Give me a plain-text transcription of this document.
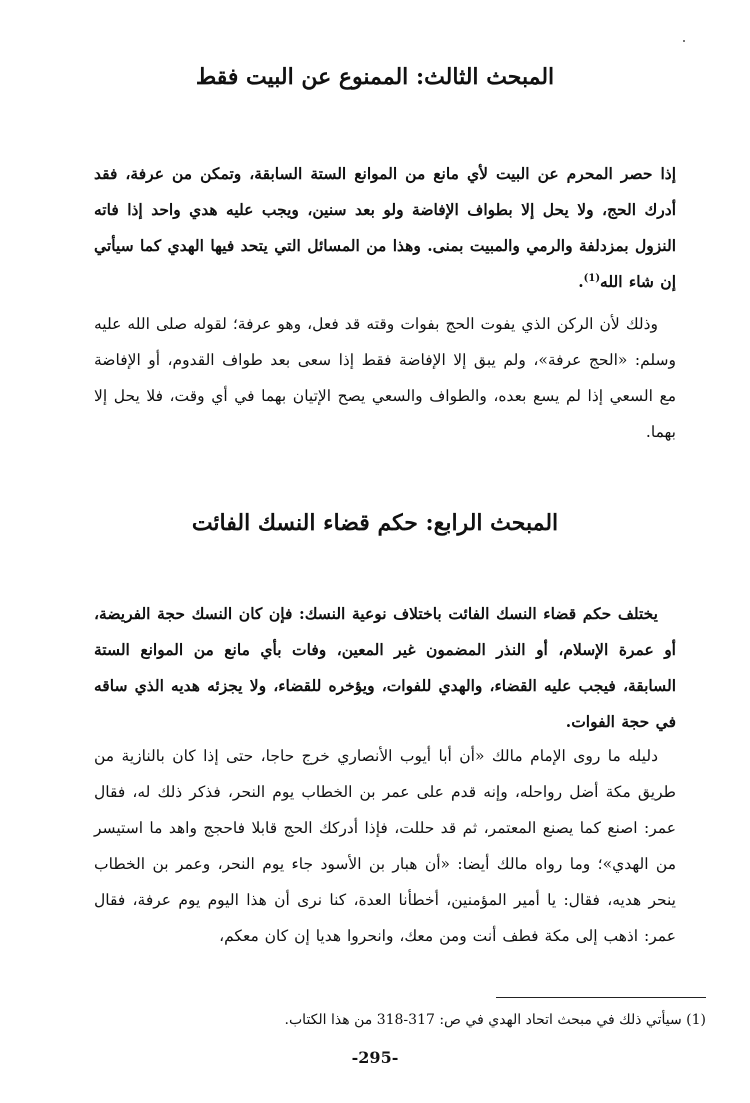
المبحث الثالث: الممنوع عن البيت فقط

إذا حصر المحرم عن البيت لأي مانع من الموانع الستة السابقة، وتمكن من عرفة، فقد أدرك الحج، ولا يحل إلا بطواف الإفاضة ولو بعد سنين، ويجب عليه هدي واحد إذا فاته النزول بمزدلفة والرمي والمبيت بمنى. وهذا من المسائل التي يتحد فيها الهدي كما سيأتي إن شاء الله$^{(1)}$.

وذلك لأن الركن الذي يفوت الحج بفوات وقته قد فعل، وهو عرفة؛ لقوله صلى الله عليه وسلم: «الحج عرفة»، ولم يبق إلا الإفاضة فقط إذا سعى بعد طواف القدوم، أو الإفاضة مع السعي إذا لم يسع بعده، والطواف والسعي يصح الإتيان بهما في أي وقت، فلا يحل إلا بهما.

المبحث الرابع: حكم قضاء النسك الفائت

يختلف حكم قضاء النسك الفائت باختلاف نوعية النسك: فإن كان النسك حجة الفريضة، أو عمرة الإسلام، أو النذر المضمون غير المعين، وفات بأي مانع من الموانع الستة السابقة، فيجب عليه القضاء، والهدي للفوات، ويؤخره للقضاء، ولا يجزئه هديه الذي ساقه في حجة الفوات.

دليله ما روى الإمام مالك «أن أبا أيوب الأنصاري خرج حاجا، حتى إذا كان بالنازية من طريق مكة أضل رواحله، وإنه قدم على عمر بن الخطاب يوم النحر، فذكر ذلك له، فقال عمر: اصنع كما يصنع المعتمر، ثم قد حللت، فإذا أدركك الحج قابلا فاحجج واهد ما استيسر من الهدي»؛ وما رواه مالك أيضا: «أن هبار بن الأسود جاء يوم النحر، وعمر بن الخطاب ينحر هديه، فقال: يا أمير المؤمنين، أخطأنا العدة، كنا نرى أن هذا اليوم يوم عرفة، فقال عمر: اذهب إلى مكة فطف أنت ومن معك، وانحروا هديا إن كان معكم،

(1) سيأتي ذلك في مبحث اتحاد الهدي في ص: 317-318 من هذا الكتاب.
-295-
